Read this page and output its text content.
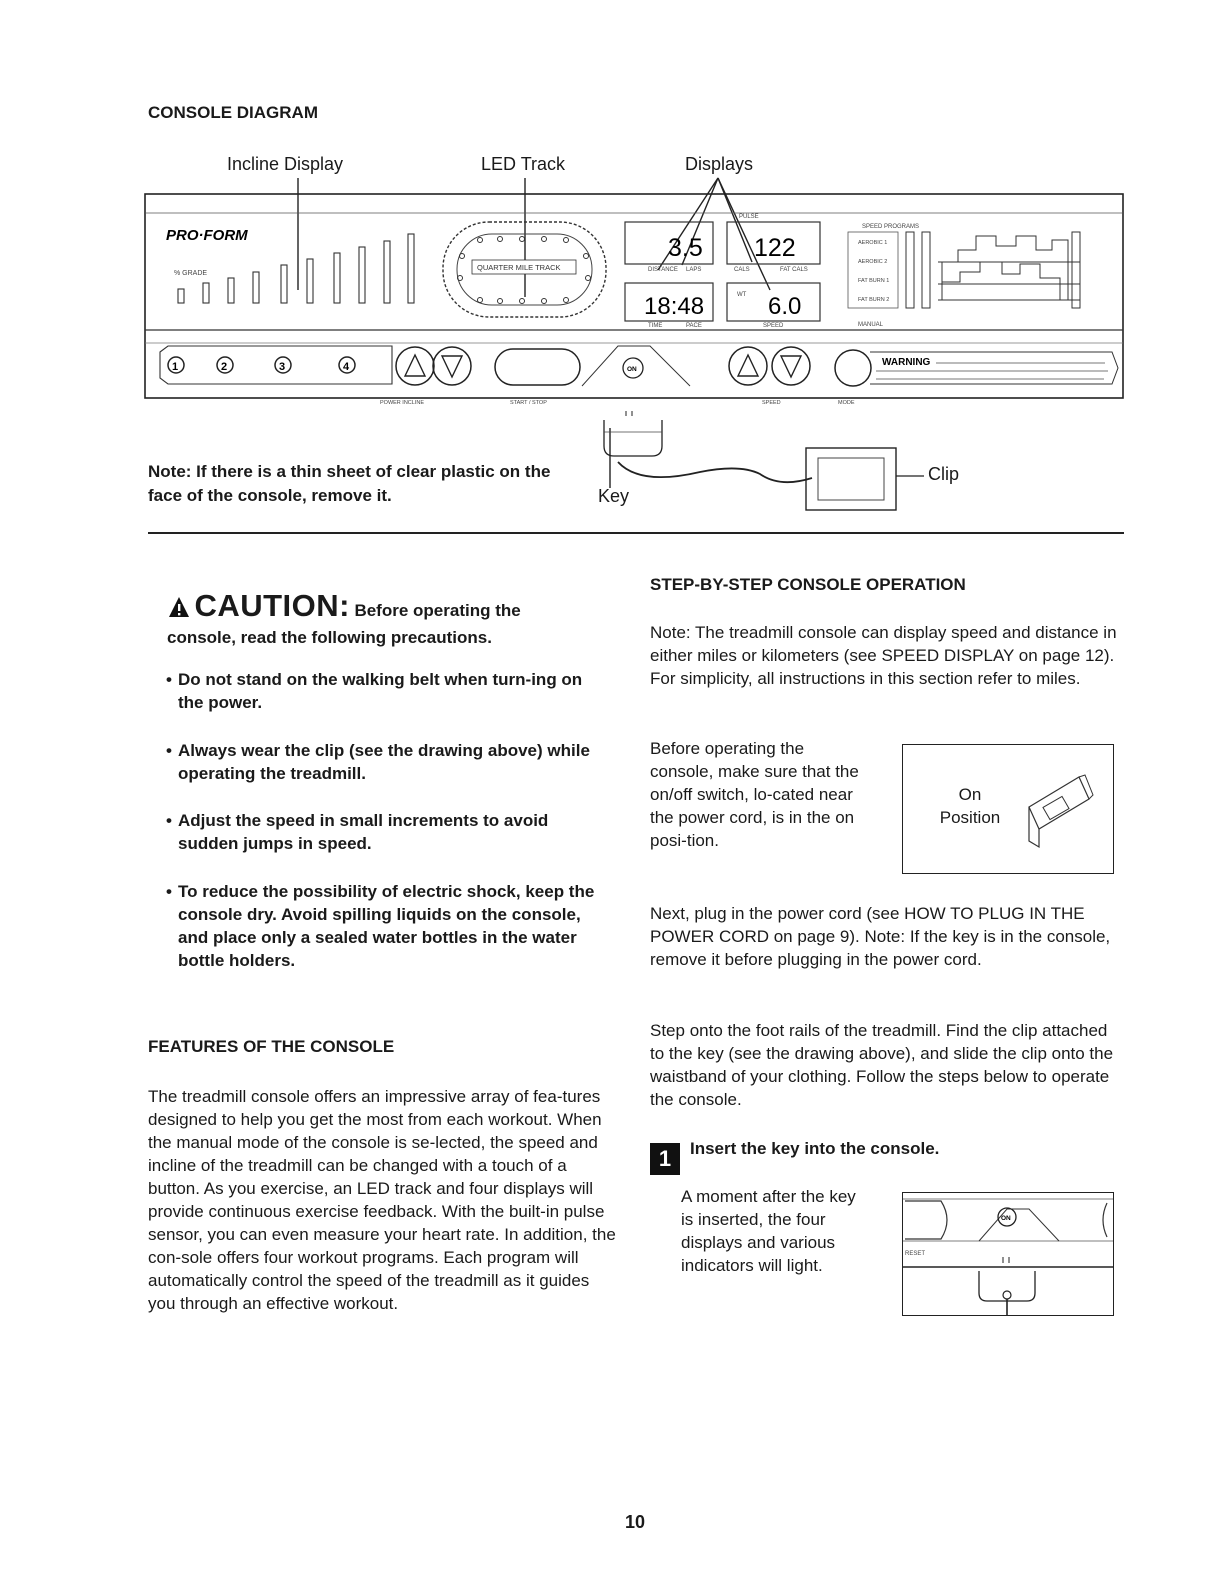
CONSOLE DIAGRAM
Incline Display	LED Track	Displays
PRO·FORM
% GRADE
QUARTER MILE TRACK
3.5 122
18:48	6.0
DISTANCE LAPS	CALS	FAT CALS
TIME	PACE	SPEED
PULSE
WT
SPEED PROGRAMS
AEROBIC 1
AEROBIC 2
FAT BURN 1
FAT BURN 2
MANUAL
1	2	3	4	ON
WARNING
POWER INCLINE	START / STOP	SPEED	MODE
Clip
Key
Note: If there is a thin sheet of clear plastic on the face of the console, remove it.
CAUTION: Before operating the
console, read the following precautions.
• Do not stand on the walking belt when turn-ing on the power.
• Always wear the clip (see the drawing above) while operating the treadmill.
• Adjust the speed in small increments to avoid sudden jumps in speed.
• To reduce the possibility of electric shock, keep the console dry. Avoid spilling liquids on the console, and place only a sealed water bottles in the water bottle holders.
FEATURES OF THE CONSOLE
The treadmill console offers an impressive array of fea-tures designed to help you get the most from each workout. When the manual mode of the console is se-lected, the speed and incline of the treadmill can be changed with a touch of a button. As you exercise, an LED track and four displays will provide continuous exercise feedback. With the built-in pulse sensor, you can even measure your heart rate. In addition, the con-sole offers four workout programs. Each program will automatically control the speed of the treadmill as it guides you through an effective workout.
STEP-BY-STEP CONSOLE OPERATION
Note: The treadmill console can display speed and distance in either miles or kilometers (see SPEED DISPLAY on page 12). For simplicity, all instructions in this section refer to miles.
Before operating the console, make sure that the on/off switch, lo-cated near the power cord, is in the on posi-tion.
On
Position
Next, plug in the power cord (see HOW TO PLUG IN THE POWER CORD on page 9). Note: If the key is in the console, remove it before plugging in the power cord.
Step onto the foot rails of the treadmill. Find the clip attached to the key (see the drawing above), and slide the clip onto the waistband of your clothing. Follow the steps below to operate the console.
1	Insert the key into the console.
A moment after the key is inserted, the four displays and various indicators will light.
ON
RESET
10
